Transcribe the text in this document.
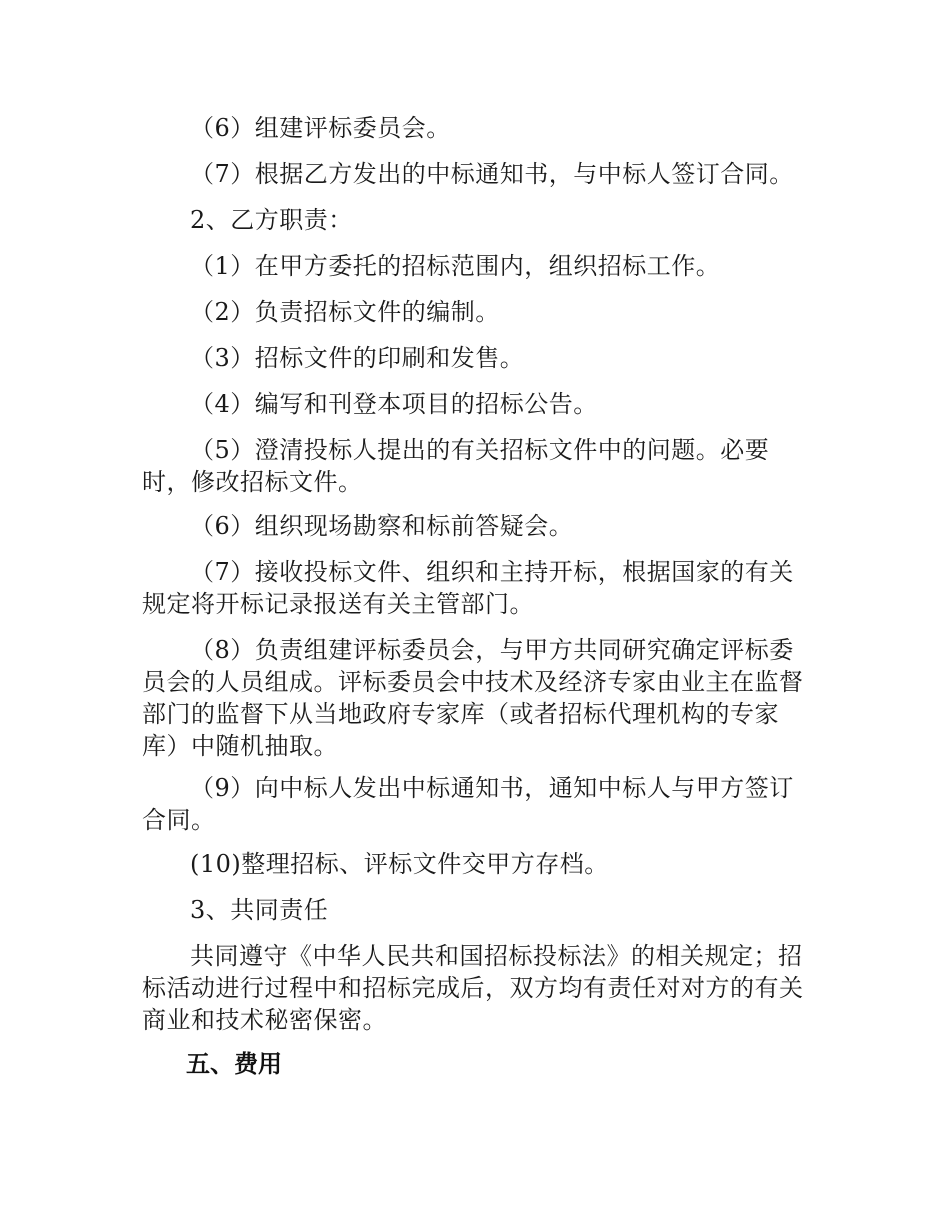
（6）组建评标委员会。

（7）根据乙方发出的中标通知书，与中标人签订合同。

2、乙方职责：

（1）在甲方委托的招标范围内，组织招标工作。

（2）负责招标文件的编制。

（3）招标文件的印刷和发售。

（4）编写和刊登本项目的招标公告。

（5）澄清投标人提出的有关招标文件中的问题。必要时，修改招标文件。

（6）组织现场勘察和标前答疑会。

（7）接收投标文件、组织和主持开标，根据国家的有关规定将开标记录报送有关主管部门。

（8）负责组建评标委员会，与甲方共同研究确定评标委员会的人员组成。评标委员会中技术及经济专家由业主在监督部门的监督下从当地政府专家库（或者招标代理机构的专家库）中随机抽取。

（9）向中标人发出中标通知书，通知中标人与甲方签订合同。

(10)整理招标、评标文件交甲方存档。

3、共同责任

共同遵守《中华人民共和国招标投标法》的相关规定；招标活动进行过程中和招标完成后，双方均有责任对对方的有关商业和技术秘密保密。

五、费用
